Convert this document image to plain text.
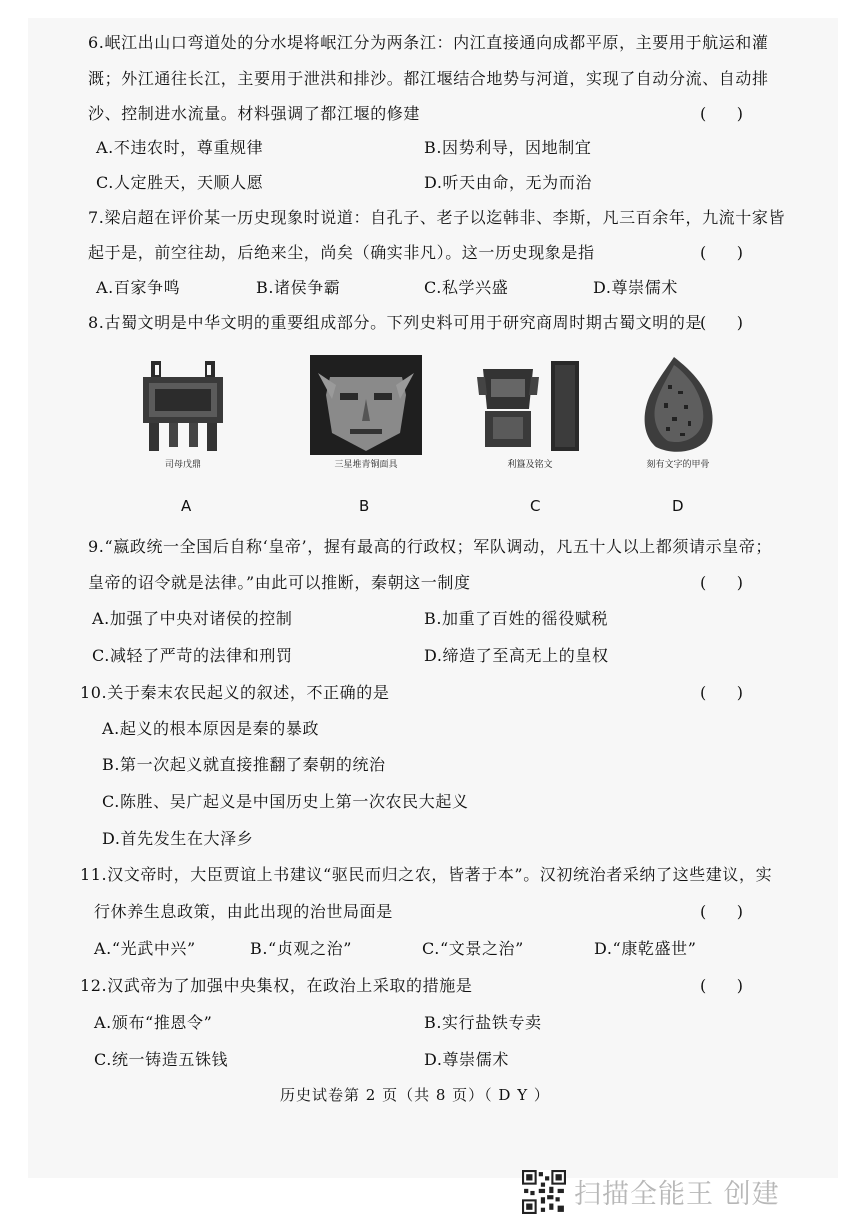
6.岷江出山口弯道处的分水堤将岷江分为两条江：内江直接通向成都平原，主要用于航运和灌
溉；外江通往长江，主要用于泄洪和排沙。都江堰结合地势与河道，实现了自动分流、自动排
沙、控制进水流量。材料强调了都江堰的修建	(      )
A.不违农时，尊重规律	B.因势利导，因地制宜
C.人定胜天，天顺人愿	D.听天由命，无为而治
7.梁启超在评价某一历史现象时说道：自孔子、老子以迄韩非、李斯，凡三百余年，九流十家皆
起于是，前空往劫，后绝来尘，尚矣（确实非凡）。这一历史现象是指	(      )
A.百家争鸣	B.诸侯争霸	C.私学兴盛	D.尊崇儒术
8.古蜀文明是中华文明的重要组成部分。下列史料可用于研究商周时期古蜀文明的是
(      )
司母戊鼎	三星堆青铜面具	利簋及铭文	刻有文字的甲骨
A	B	C	D
9.“嬴政统一全国后自称‘皇帝’，握有最高的行政权；军队调动，凡五十人以上都须请示皇帝；
皇帝的诏令就是法律。”由此可以推断，秦朝这一制度	(      )
A.加强了中央对诸侯的控制	B.加重了百姓的徭役赋税
C.减轻了严苛的法律和刑罚	D.缔造了至高无上的皇权
10.关于秦末农民起义的叙述，不正确的是	(      )
A.起义的根本原因是秦的暴政
B.第一次起义就直接推翻了秦朝的统治
C.陈胜、吴广起义是中国历史上第一次农民大起义
D.首先发生在大泽乡
11.汉文帝时，大臣贾谊上书建议“驱民而归之农，皆著于本”。汉初统治者采纳了这些建议，实
行休养生息政策，由此出现的治世局面是	(      )
A.“光武中兴”	B.“贞观之治”	C.“文景之治”	D.“康乾盛世”
12.汉武帝为了加强中央集权，在政治上采取的措施是	(      )
A.颁布“推恩令”	B.实行盐铁专卖
C.统一铸造五铢钱	D.尊崇儒术
历史试卷第 2 页（共 8 页）（ D Y ）
扫描全能王 创建
